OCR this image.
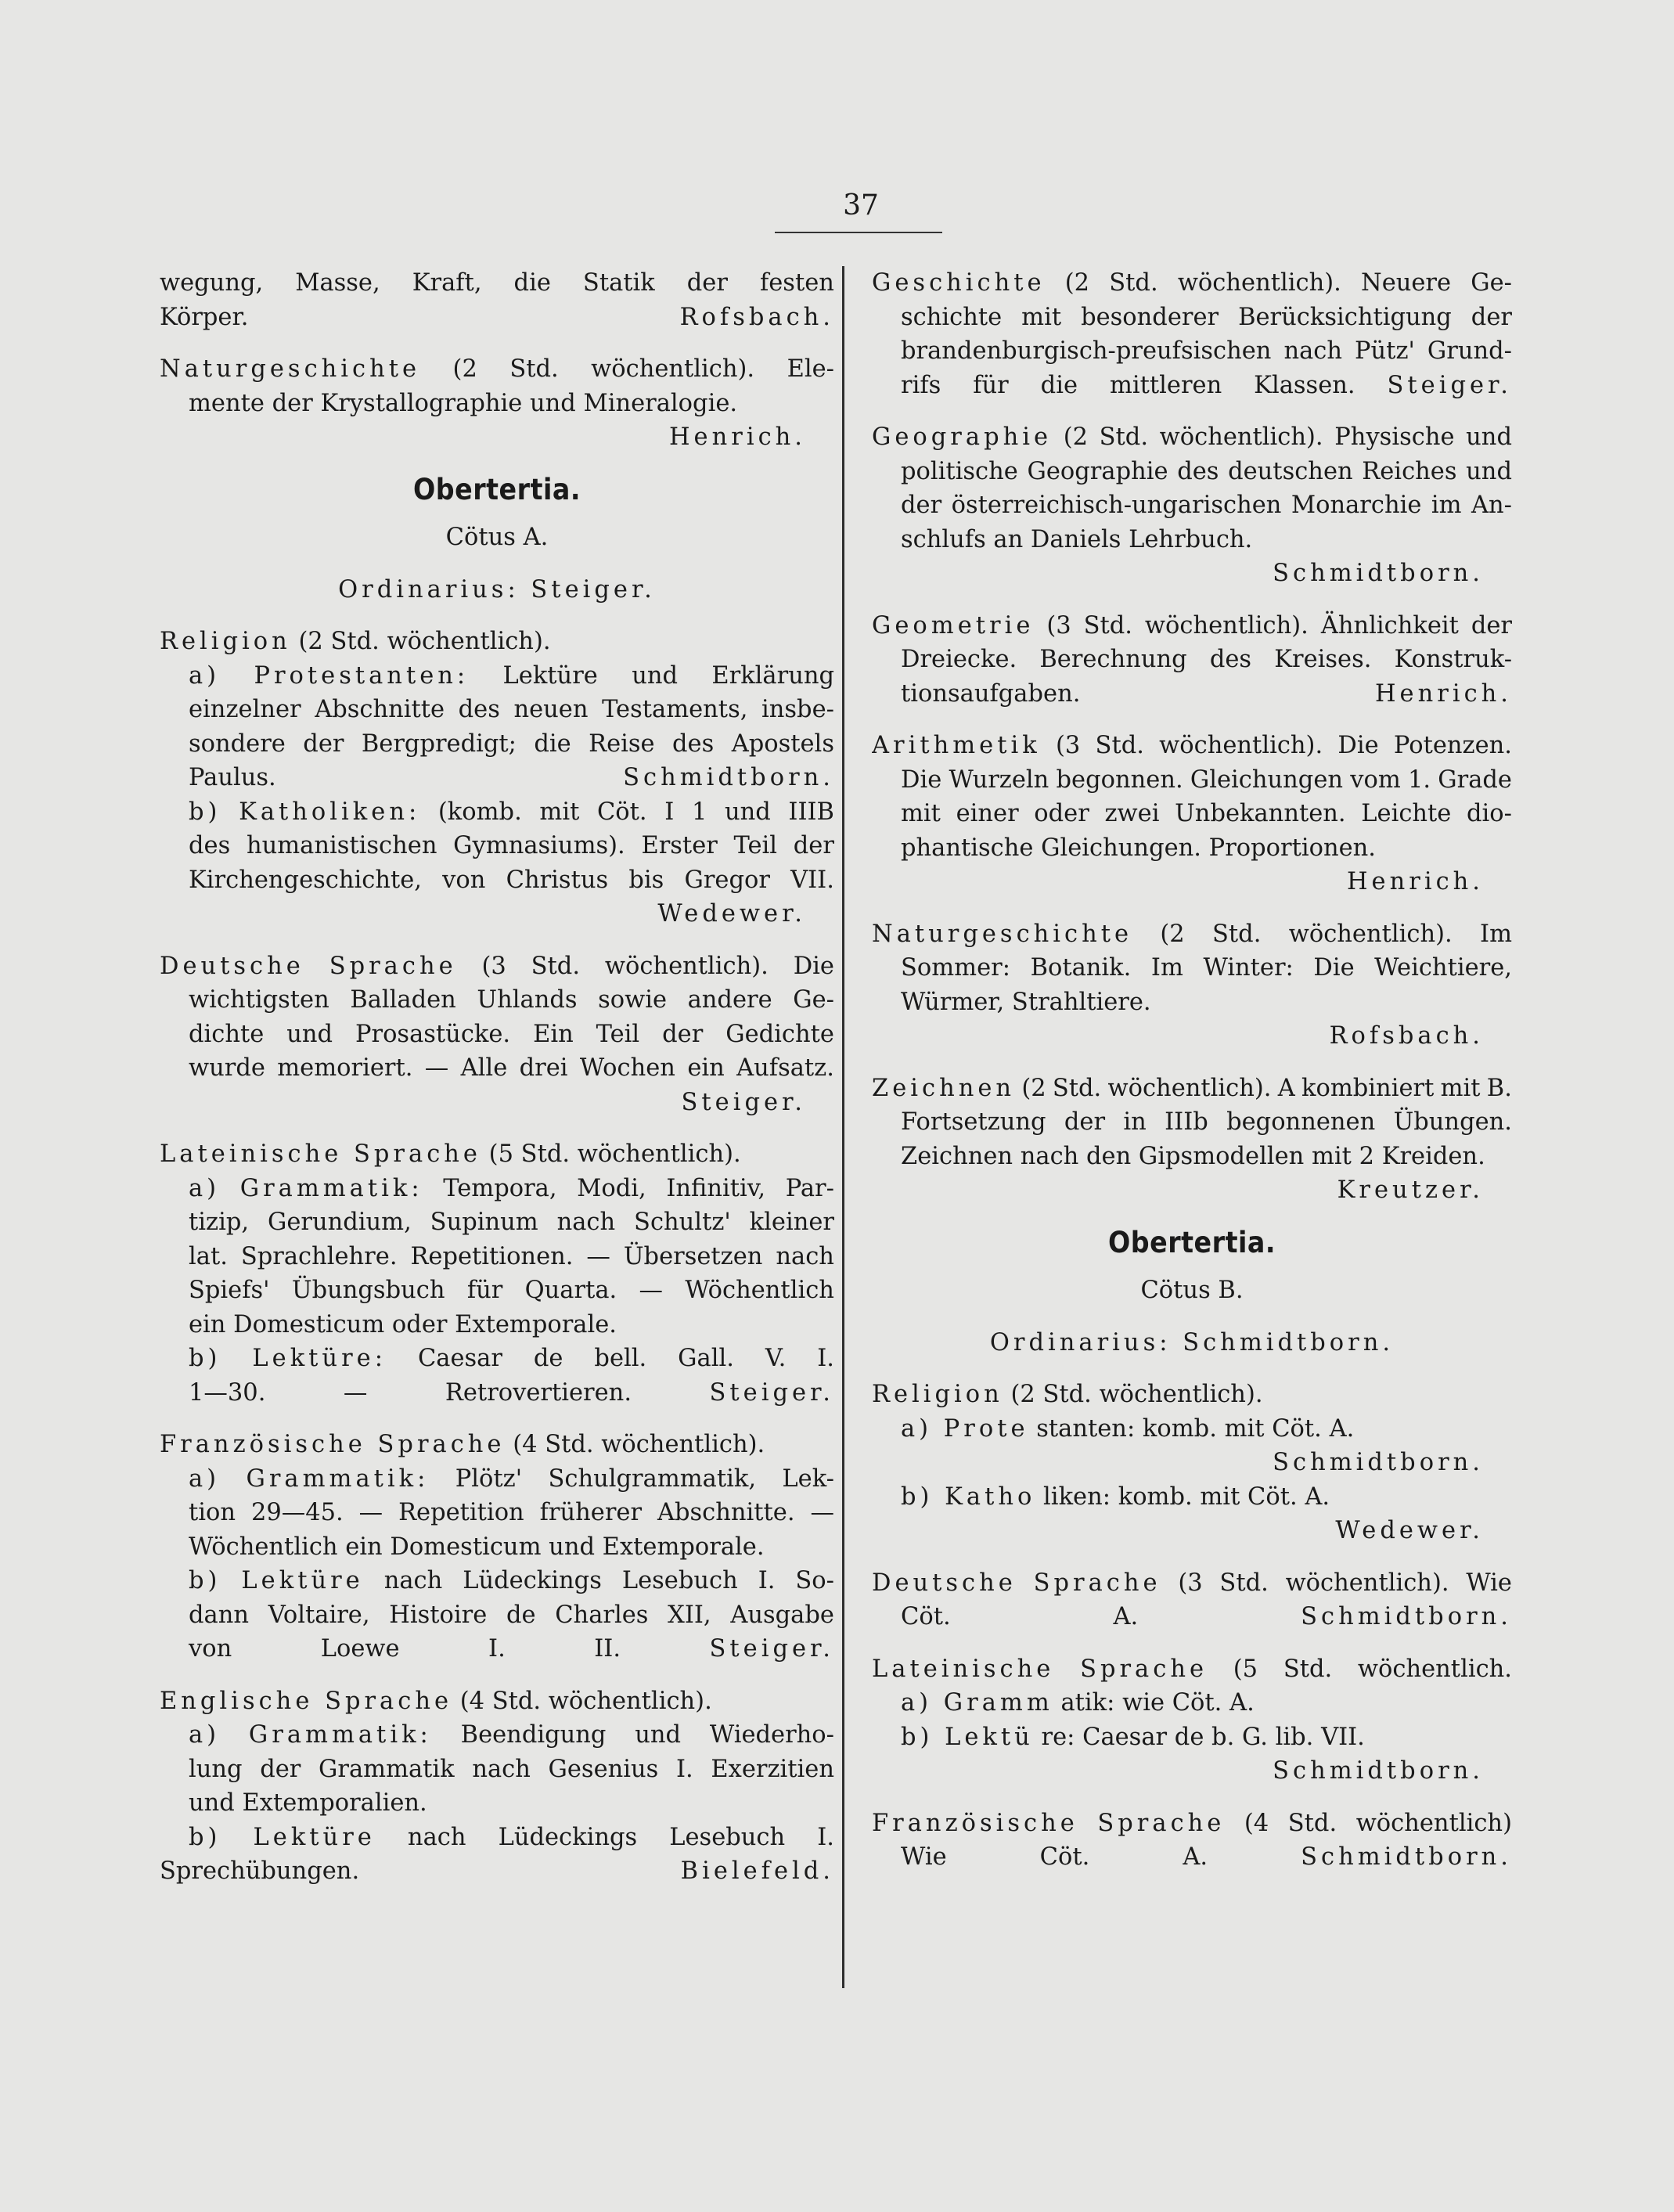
37
wegung, Masse, Kraft, die Statik der festen
Körper.	Rofsbach.
Naturgeschichte (2 Std. wöchentlich). Ele-
mente der Krystallographie und Mineralogie.
Henrich.
Obertertia.
Cötus A.
Ordinarius: Steiger.
Religion (2 Std. wöchentlich).
a) Protestanten: Lektüre und Erklärung
einzelner Abschnitte des neuen Testaments, insbe-
sondere der Bergpredigt; die Reise des Apostels
Paulus.	Schmidtborn.
b) Katholiken: (komb. mit Cöt. I 1 und IIIB
des humanistischen Gymnasiums). Erster Teil der
Kirchengeschichte, von Christus bis Gregor VII.
Wedewer.
Deutsche Sprache (3 Std. wöchentlich). Die
wichtigsten Balladen Uhlands sowie andere Ge-
dichte und Prosastücke. Ein Teil der Gedichte
wurde memoriert. — Alle drei Wochen ein Aufsatz.
Steiger.
Lateinische Sprache (5 Std. wöchentlich).
a) Grammatik: Tempora, Modi, Infinitiv, Par-
tizip, Gerundium, Supinum nach Schultz' kleiner
lat. Sprachlehre. Repetitionen. — Übersetzen nach
Spiefs' Übungsbuch für Quarta. — Wöchentlich
ein Domesticum oder Extemporale.
b) Lektüre: Caesar de bell. Gall. V. I.
1—30.	—	Retrovertieren.	Steiger.
Französische Sprache (4 Std. wöchentlich).
a) Grammatik: Plötz' Schulgrammatik, Lek-
tion 29—45. — Repetition früherer Abschnitte. —
Wöchentlich ein Domesticum und Extemporale.
b) Lektüre nach Lüdeckings Lesebuch I. So-
dann Voltaire, Histoire de Charles XII, Ausgabe
von	Loewe	I.	II.	Steiger.
Englische Sprache (4 Std. wöchentlich).
a) Grammatik: Beendigung und Wiederho-
lung der Grammatik nach Gesenius I. Exerzitien
und Extemporalien.
b) Lektüre nach Lüdeckings Lesebuch I.
Sprechübungen.	Bielefeld.
Geschichte (2 Std. wöchentlich). Neuere Ge-
schichte mit besonderer Berücksichtigung der
brandenburgisch-preufsischen nach Pütz' Grund-
rifs für die mittleren Klassen. Steiger.
Geographie (2 Std. wöchentlich). Physische und
politische Geographie des deutschen Reiches und
der österreichisch-ungarischen Monarchie im An-
schlufs an Daniels Lehrbuch.
Schmidtborn.
Geometrie (3 Std. wöchentlich). Ähnlichkeit der
Dreiecke. Berechnung des Kreises. Konstruk-
tionsaufgaben.	Henrich.
Arithmetik (3 Std. wöchentlich). Die Potenzen.
Die Wurzeln begonnen. Gleichungen vom 1. Grade
mit einer oder zwei Unbekannten. Leichte dio-
phantische Gleichungen. Proportionen.
Henrich.
Naturgeschichte (2 Std. wöchentlich). Im
Sommer: Botanik. Im Winter: Die Weichtiere,
Würmer, Strahltiere.
Rofsbach.
Zeichnen (2 Std. wöchentlich). A kombiniert mit B.
Fortsetzung der in IIIb begonnenen Übungen.
Zeichnen nach den Gipsmodellen mit 2 Kreiden.
Kreutzer.
Obertertia.
Cötus B.
Ordinarius: Schmidtborn.
Religion (2 Std. wöchentlich).
a) Prote stanten: komb. mit Cöt. A.
Schmidtborn.
b) Katho liken: komb. mit Cöt. A.
Wedewer.
Deutsche Sprache (3 Std. wöchentlich). Wie
Cöt.	A.	Schmidtborn.
Lateinische Sprache (5 Std. wöchentlich.
a) Gramm atik: wie Cöt. A.
b) Lektü re: Caesar de b. G. lib. VII.
Schmidtborn.
Französische Sprache (4 Std. wöchentlich)
Wie	Cöt.	A.	Schmidtborn.
